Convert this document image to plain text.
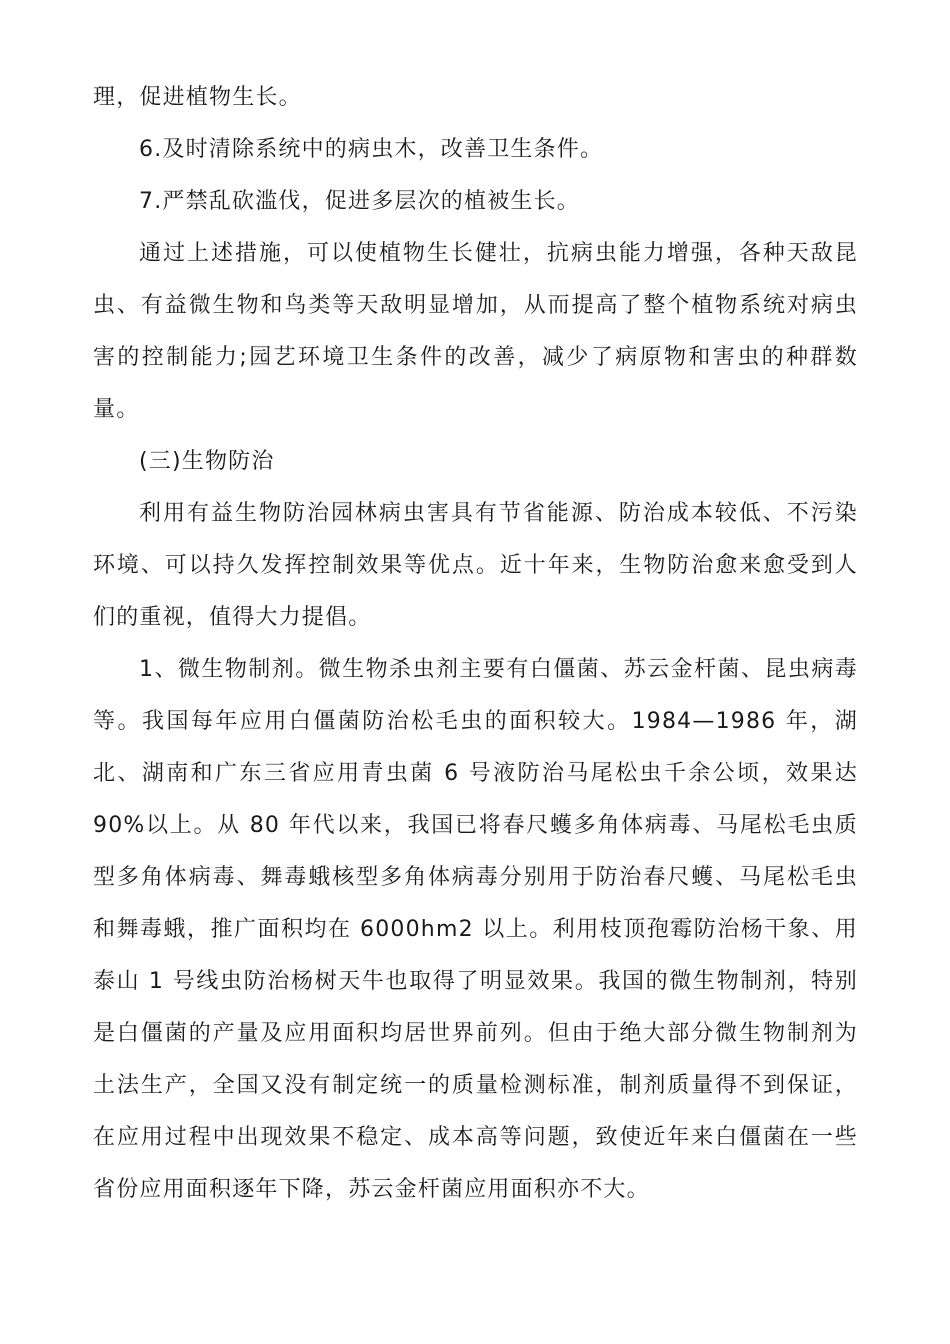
理，促进植物生长。

6.及时清除系统中的病虫木，改善卫生条件。

7.严禁乱砍滥伐，促进多层次的植被生长。

通过上述措施，可以使植物生长健壮，抗病虫能力增强，各种天敌昆虫、有益微生物和鸟类等天敌明显增加，从而提高了整个植物系统对病虫害的控制能力;园艺环境卫生条件的改善，减少了病原物和害虫的种群数量。

(三)生物防治

利用有益生物防治园林病虫害具有节省能源、防治成本较低、不污染环境、可以持久发挥控制效果等优点。近十年来，生物防治愈来愈受到人们的重视，值得大力提倡。

1、微生物制剂。微生物杀虫剂主要有白僵菌、苏云金杆菌、昆虫病毒等。我国每年应用白僵菌防治松毛虫的面积较大。1984—1986 年，湖北、湖南和广东三省应用青虫菌 6 号液防治马尾松虫千余公顷，效果达90%以上。从 80 年代以来，我国已将春尺蠖多角体病毒、马尾松毛虫质型多角体病毒、舞毒蛾核型多角体病毒分别用于防治春尺蠖、马尾松毛虫和舞毒蛾，推广面积均在 6000hm2 以上。利用枝顶孢霉防治杨干象、用泰山 1 号线虫防治杨树天牛也取得了明显效果。我国的微生物制剂，特别是白僵菌的产量及应用面积均居世界前列。但由于绝大部分微生物制剂为土法生产，全国又没有制定统一的质量检测标准，制剂质量得不到保证，在应用过程中出现效果不稳定、成本高等问题，致使近年来白僵菌在一些省份应用面积逐年下降，苏云金杆菌应用面积亦不大。
